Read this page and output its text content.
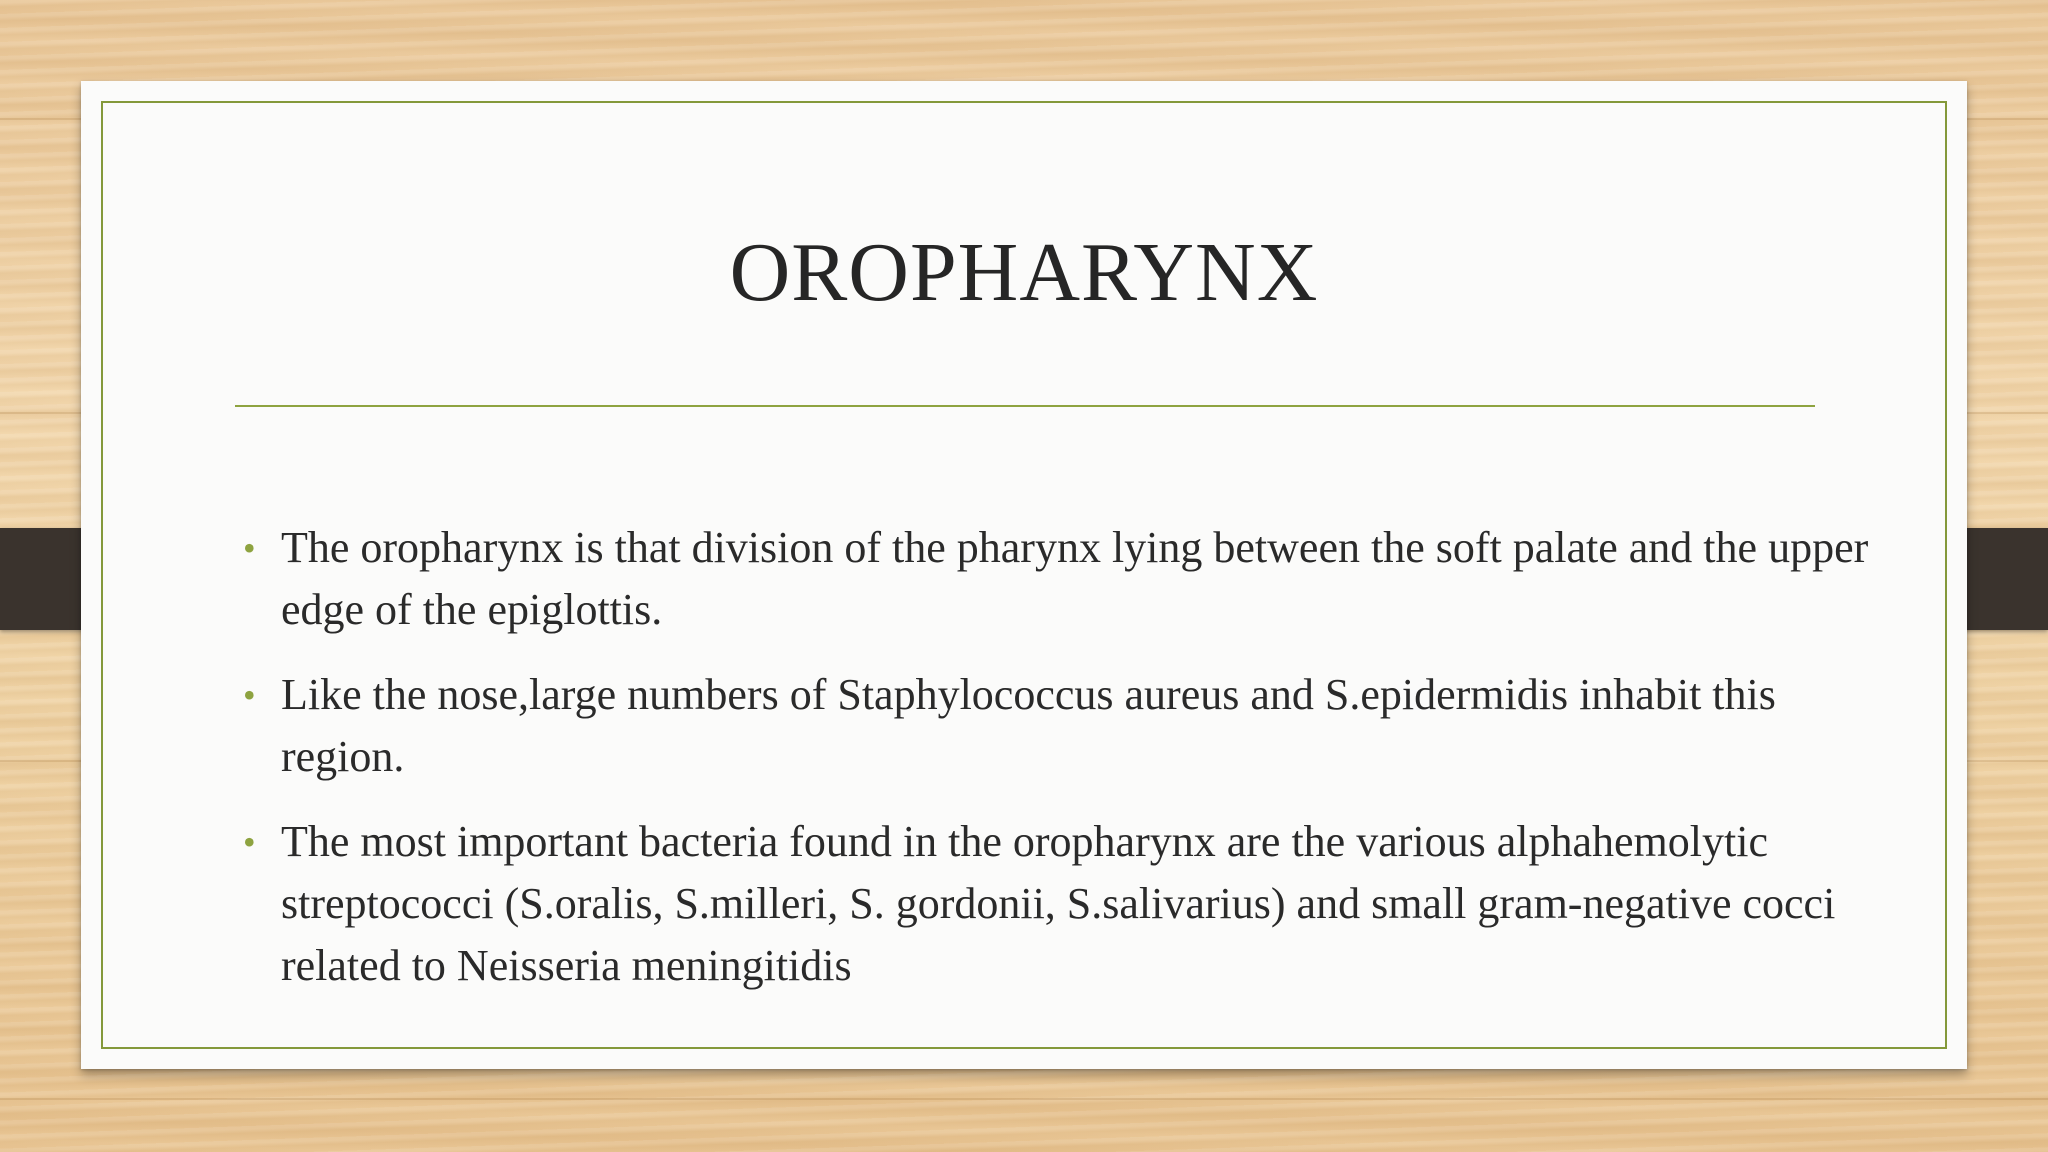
OROPHARYNX
• The oropharynx is that division of the pharynx lying between the soft palate and the upper edge of the epiglottis.
• Like the nose,large numbers of Staphylococcus aureus and S.epidermidis inhabit this region.
• The most important bacteria found in the oropharynx are the various alphahemolytic streptococci (S.oralis, S.milleri, S. gordonii, S.salivarius) and small gram-negative cocci related to Neisseria meningitidis
